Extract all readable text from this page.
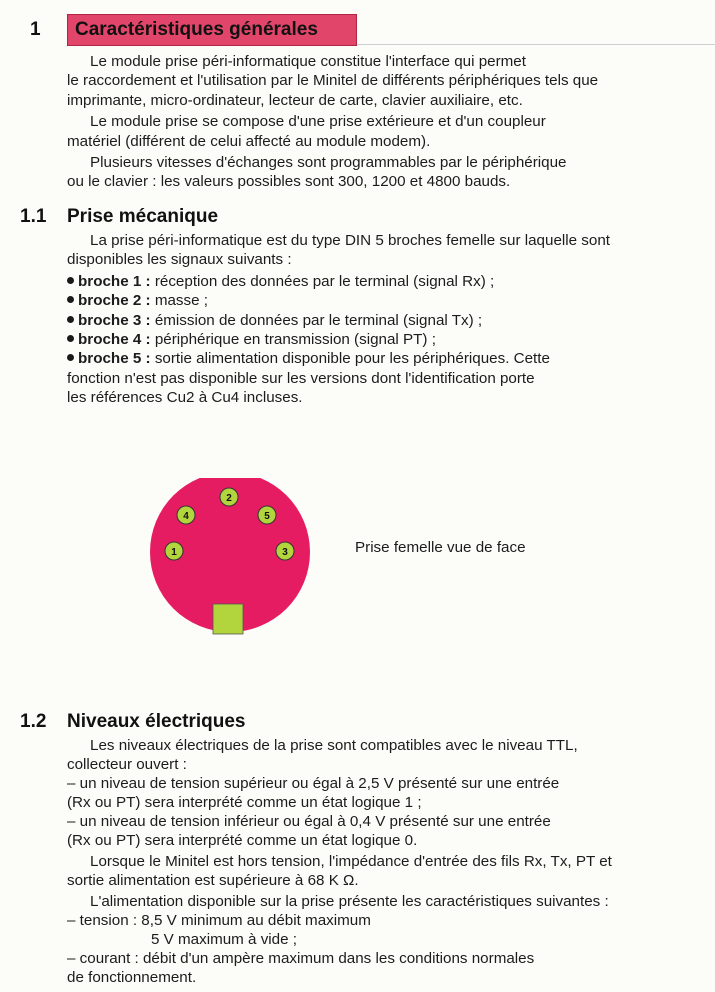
1	Caractéristiques générales

Le module prise péri-informatique constitue l'interface qui permet

le raccordement et l'utilisation par le Minitel de différents périphériques tels que

imprimante, micro-ordinateur, lecteur de carte, clavier auxiliaire, etc.

Le module prise se compose d'une prise extérieure et d'un coupleur

matériel (différent de celui affecté au module modem).

Plusieurs vitesses d'échanges sont programmables par le périphérique

ou le clavier : les valeurs possibles sont 300, 1200 et 4800 bauds.

1.1 Prise mécanique

La prise péri-informatique est du type DIN 5 broches femelle sur laquelle sont

disponibles les signaux suivants :

broche 1 : réception des données par le terminal (signal Rx) ;

broche 2 : masse ;

broche 3 : émission de données par le terminal (signal Tx) ;

broche 4 : périphérique en transmission (signal PT) ;

broche 5 : sortie alimentation disponible pour les périphériques. Cette

fonction n'est pas disponible sur les versions dont l'identification porte

les références Cu2 à Cu4 incluses.

1
2
3
4	5
Prise femelle vue de face
1.2 Niveaux électriques

Les niveaux électriques de la prise sont compatibles avec le niveau TTL,

collecteur ouvert :

– un niveau de tension supérieur ou égal à 2,5 V présenté sur une entrée

(Rx ou PT) sera interprété comme un état logique 1 ;

– un niveau de tension inférieur ou égal à 0,4 V présenté sur une entrée

(Rx ou PT) sera interprété comme un état logique 0.

Lorsque le Minitel est hors tension, l'impédance d'entrée des fils Rx, Tx, PT et

sortie alimentation est supérieure à 68 K Ω.

L'alimentation disponible sur la prise présente les caractéristiques suivantes :

– tension : 8,5 V minimum au débit maximum

5 V maximum à vide ;

– courant : débit d'un ampère maximum dans les conditions normales

de fonctionnement.
